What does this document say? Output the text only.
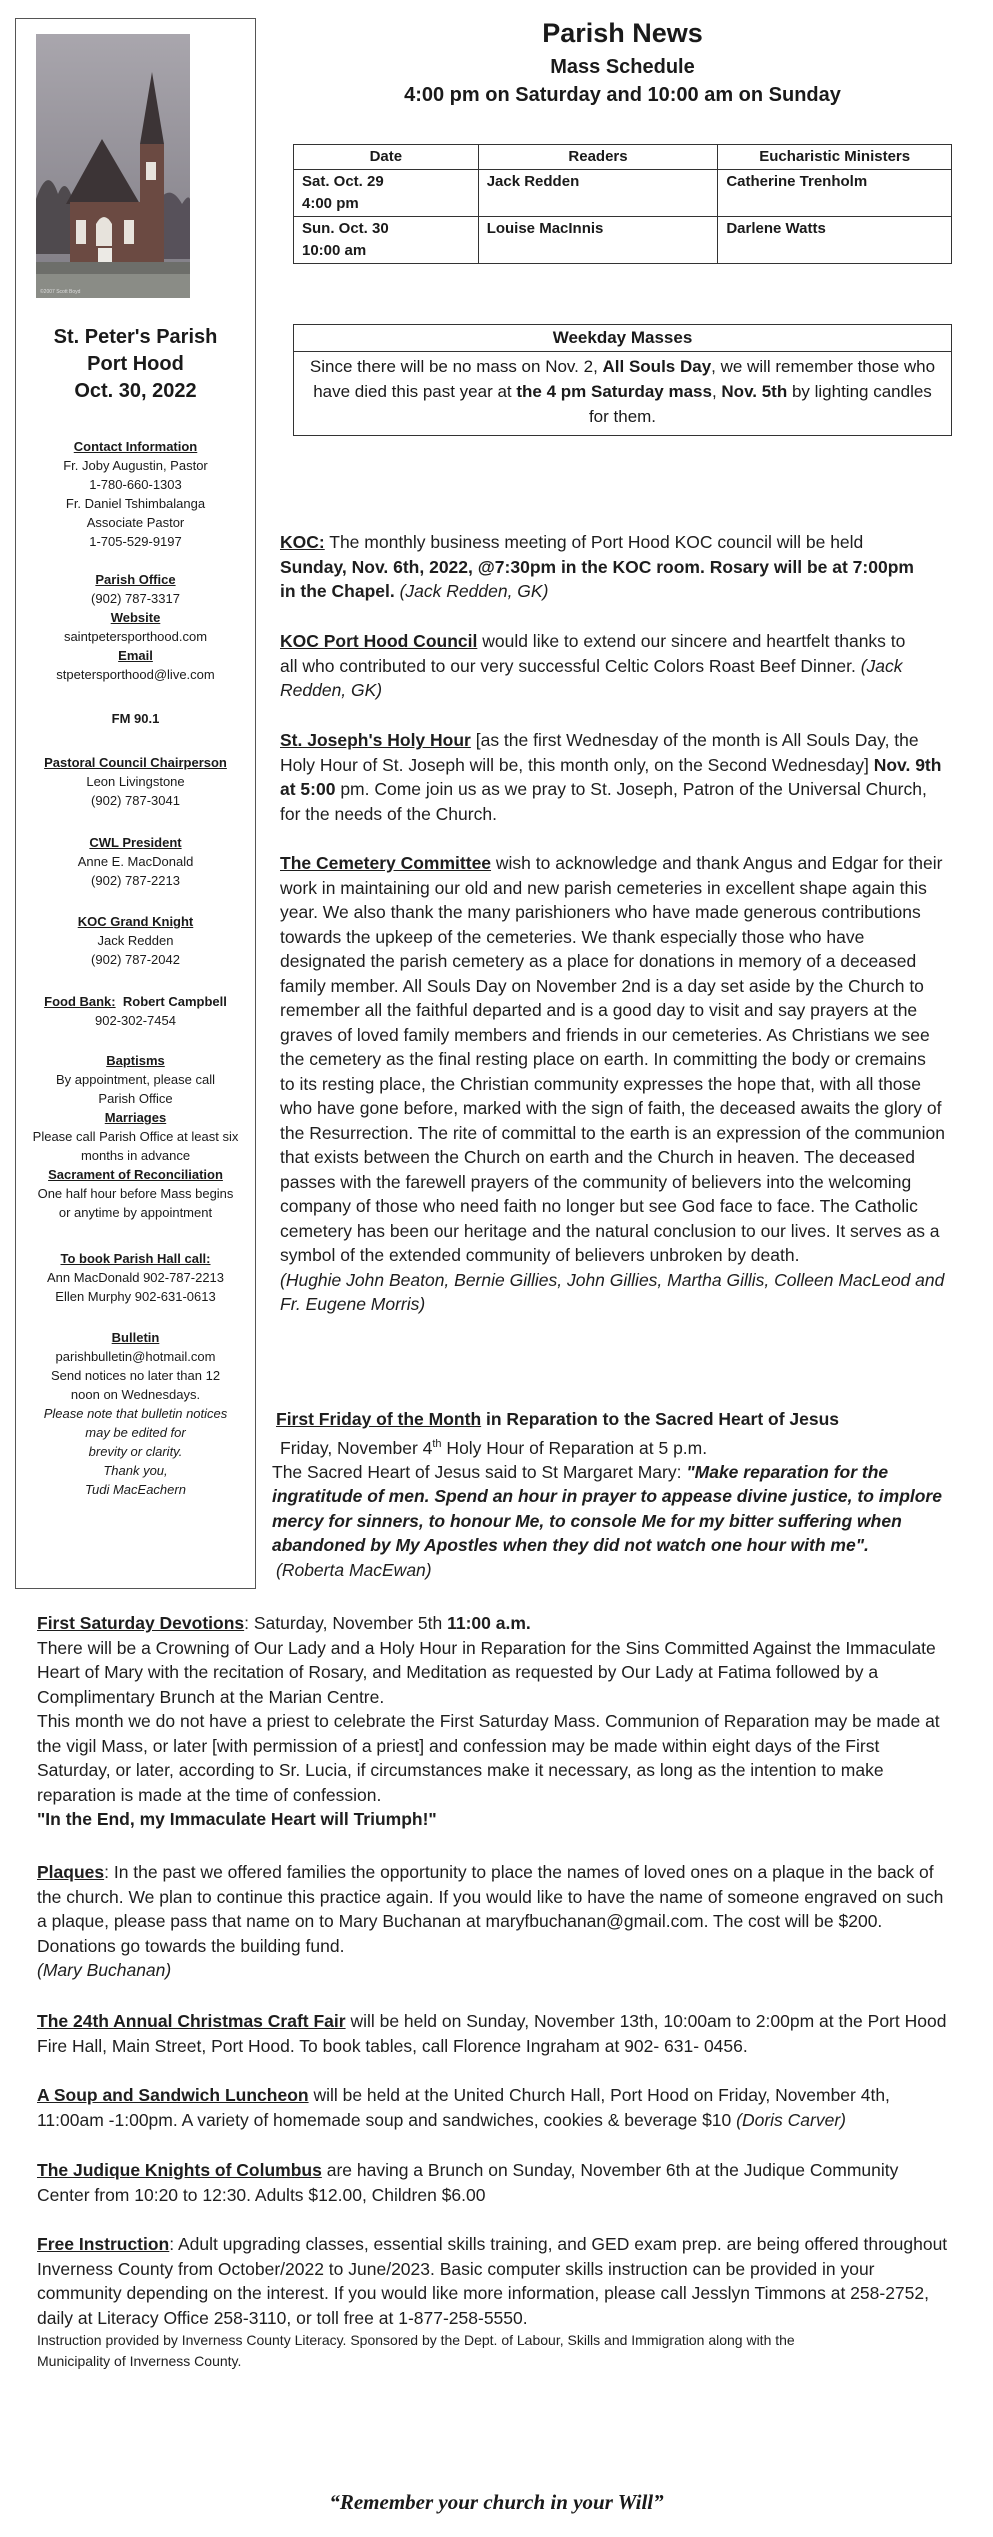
©2007 Scott Boyd
St. Peter's Parish
Port Hood
Oct. 30, 2022
Contact Information
Fr. Joby Augustin, Pastor
1-780-660-1303
Fr. Daniel Tshimbalanga
Associate Pastor
1-705-529-9197
Parish Office
(902) 787-3317
Website
saintpetersporthood.com
Email
stpetersporthood@live.com
FM 90.1
Pastoral Council Chairperson
Leon Livingstone
(902) 787-3041
CWL President
Anne E. MacDonald
(902) 787-2213
KOC Grand Knight
Jack Redden
(902) 787-2042
Food Bank: Robert Campbell
902-302-7454
Baptisms
By appointment, please call
Parish Office
Marriages
Please call Parish Office at least six
months in advance
Sacrament of Reconciliation
One half hour before Mass begins
or anytime by appointment
To book Parish Hall call:
Ann MacDonald 902-787-2213
Ellen Murphy 902-631-0613
Bulletin
parishbulletin@hotmail.com
Send notices no later than 12
noon on Wednesdays.
Please note that bulletin notices
may be edited for
brevity or clarity.
Thank you,
Tudi MacEachern
Parish News
Mass Schedule
4:00 pm on Saturday and 10:00 am on Sunday
Date	Readers	Eucharistic Ministers

Sat. Oct. 29
4:00 pm	Jack Redden	Catherine Trenholm

Sun. Oct. 30
10:00 am	Louise MacInnis	Darlene Watts
Weekday Masses
Since there will be no mass on Nov. 2, All Souls Day, we will remember those who have died this past year at the 4 pm Saturday mass, Nov. 5th by lighting candles for them.
KOC: The monthly business meeting of Port Hood KOC council will be held Sunday, Nov. 6th, 2022, @7:30pm in the KOC room. Rosary will be at 7:00pm in the Chapel. (Jack Redden, GK)
KOC Port Hood Council would like to extend our sincere and heartfelt thanks to all who contributed to our very successful Celtic Colors Roast Beef Dinner. (Jack Redden, GK)
St. Joseph's Holy Hour [as the first Wednesday of the month is All Souls Day, the Holy Hour of St. Joseph will be, this month only, on the Second Wednesday] Nov. 9th at 5:00 pm. Come join us as we pray to St. Joseph, Patron of the Universal Church, for the needs of the Church.
The Cemetery Committee wish to acknowledge and thank Angus and Edgar for their work in maintaining our old and new parish cemeteries in excellent shape again this year. We also thank the many parishioners who have made generous contributions towards the upkeep of the cemeteries. We thank especially those who have designated the parish cemetery as a place for donations in memory of a deceased family member. All Souls Day on November 2nd is a day set aside by the Church to remember all the faithful departed and is a good day to visit and say prayers at the graves of loved family members and friends in our cemeteries. As Christians we see the cemetery as the final resting place on earth. In committing the body or cremains to its resting place, the Christian community expresses the hope that, with all those who have gone before, marked with the sign of faith, the deceased awaits the glory of the Resurrection. The rite of committal to the earth is an expression of the communion that exists between the Church on earth and the Church in heaven. The deceased passes with the farewell prayers of the community of believers into the welcoming company of those who need faith no longer but see God face to face. The Catholic cemetery has been our heritage and the natural conclusion to our lives. It serves as a symbol of the extended community of believers unbroken by death.
(Hughie John Beaton, Bernie Gillies, John Gillies, Martha Gillis, Colleen MacLeod and Fr. Eugene Morris)
First Friday of the Month in Reparation to the Sacred Heart of Jesus
Friday, November 4th Holy Hour of Reparation at 5 p.m.
The Sacred Heart of Jesus said to St Margaret Mary: "Make reparation for the ingratitude of men. Spend an hour in prayer to appease divine justice, to implore mercy for sinners, to honour Me, to console Me for my bitter suffering when abandoned by My Apostles when they did not watch one hour with me".
(Roberta MacEwan)
First Saturday Devotions: Saturday, November 5th 11:00 a.m.
There will be a Crowning of Our Lady and a Holy Hour in Reparation for the Sins Committed Against the Immaculate Heart of Mary with the recitation of Rosary, and Meditation as requested by Our Lady at Fatima followed by a Complimentary Brunch at the Marian Centre.
This month we do not have a priest to celebrate the First Saturday Mass. Communion of Reparation may be made at the vigil Mass, or later [with permission of a priest] and confession may be made within eight days of the First Saturday, or later, according to Sr. Lucia, if circumstances make it necessary, as long as the intention to make reparation is made at the time of confession.
"In the End, my Immaculate Heart will Triumph!"
Plaques: In the past we offered families the opportunity to place the names of loved ones on a plaque in the back of the church. We plan to continue this practice again. If you would like to have the name of someone engraved on such a plaque, please pass that name on to Mary Buchanan at maryfbuchanan@gmail.com. The cost will be $200. Donations go towards the building fund.
(Mary Buchanan)
The 24th Annual Christmas Craft Fair will be held on Sunday, November 13th, 10:00am to 2:00pm at the Port Hood Fire Hall, Main Street, Port Hood. To book tables, call Florence Ingraham at 902- 631- 0456.
A Soup and Sandwich Luncheon will be held at the United Church Hall, Port Hood on Friday, November 4th, 11:00am -1:00pm. A variety of homemade soup and sandwiches, cookies & beverage $10 (Doris Carver)
The Judique Knights of Columbus are having a Brunch on Sunday, November 6th at the Judique Community Center from 10:20 to 12:30. Adults $12.00, Children $6.00
Free Instruction: Adult upgrading classes, essential skills training, and GED exam prep. are being offered throughout Inverness County from October/2022 to June/2023. Basic computer skills instruction can be provided in your community depending on the interest. If you would like more information, please call Jesslyn Timmons at 258-2752, daily at Literacy Office 258-3110, or toll free at 1-877-258-5550.
Instruction provided by Inverness County Literacy. Sponsored by the Dept. of Labour, Skills and Immigration along with the Municipality of Inverness County.
“Remember your church in your Will”
